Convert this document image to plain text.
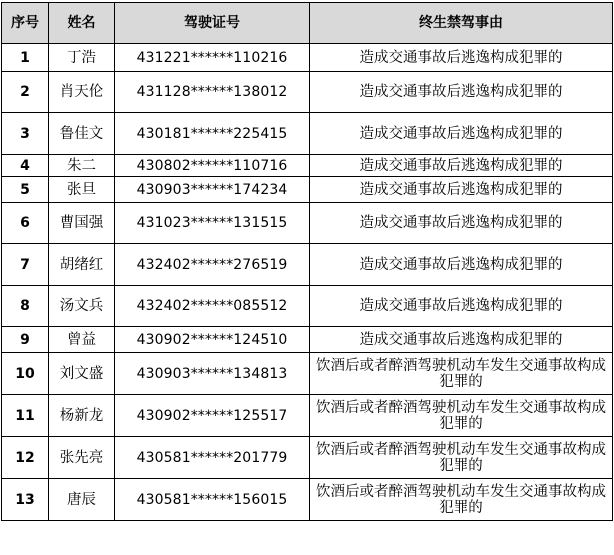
序号	姓名	驾驶证号	终生禁驾事由
1	丁浩	431221******110216	造成交通事故后逃逸构成犯罪的
2	肖天伦	431128******138012	造成交通事故后逃逸构成犯罪的
3	鲁佳文	430181******225415	造成交通事故后逃逸构成犯罪的
4	朱二	430802******110716	造成交通事故后逃逸构成犯罪的
5	张旦	430903******174234	造成交通事故后逃逸构成犯罪的
6	曹国强	431023******131515	造成交通事故后逃逸构成犯罪的
7	胡绪红	432402******276519	造成交通事故后逃逸构成犯罪的
8	汤文兵	432402******085512	造成交通事故后逃逸构成犯罪的
9	曾益	430902******124510	造成交通事故后逃逸构成犯罪的
10	刘文盛	430903******134813	饮酒后或者醉酒驾驶机动车发生交通事故构成犯罪的
11	杨新龙	430902******125517	饮酒后或者醉酒驾驶机动车发生交通事故构成犯罪的
12	张先亮	430581******201779	饮酒后或者醉酒驾驶机动车发生交通事故构成犯罪的
13	唐辰	430581******156015	饮酒后或者醉酒驾驶机动车发生交通事故构成犯罪的
